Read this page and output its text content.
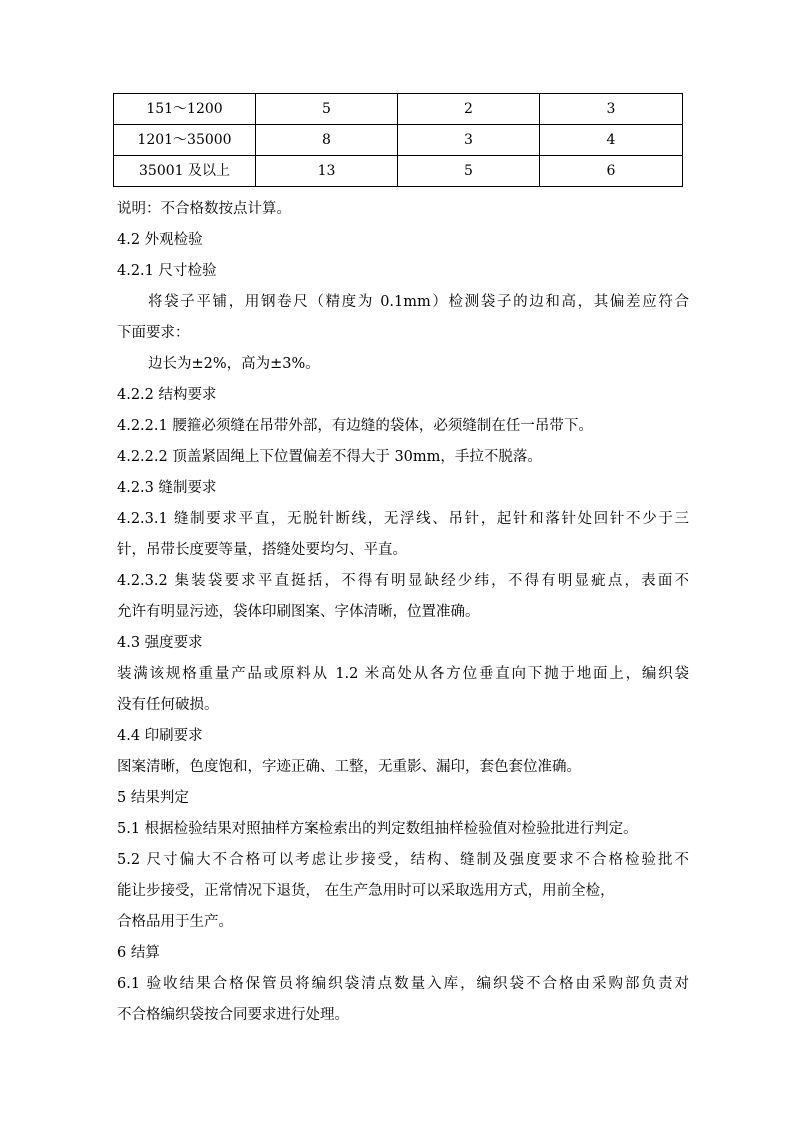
151～1200	5	2	3
1201～35000	8	3	4
35001 及以上	13	5	6
说明：不合格数按点计算。
4.2 外观检验
4.2.1 尺寸检验
将袋子平铺，用钢卷尺（精度为 0.1mm）检测袋子的边和高，其偏差应符合
下面要求：
边长为±2%，高为±3%。
4.2.2 结构要求
4.2.2.1 腰箍必须缝在吊带外部，有边缝的袋体，必须缝制在任一吊带下。
4.2.2.2 顶盖紧固绳上下位置偏差不得大于 30mm，手拉不脱落。
4.2.3 缝制要求
4.2.3.1 缝制要求平直，无脱针断线，无浮线、吊针，起针和落针处回针不少于三
针，吊带长度要等量，搭缝处要均匀、平直。
4.2.3.2 集装袋要求平直挺括，不得有明显缺经少纬，不得有明显疵点，表面不
允许有明显污迹，袋体印刷图案、字体清晰，位置准确。
4.3 强度要求
装满该规格重量产品或原料从 1.2 米高处从各方位垂直向下抛于地面上，编织袋
没有任何破损。
4.4 印刷要求
图案清晰，色度饱和，字迹正确、工整，无重影、漏印，套色套位准确。
5 结果判定
5.1 根据检验结果对照抽样方案检索出的判定数组抽样检验值对检验批进行判定。
5.2 尺寸偏大不合格可以考虑让步接受，结构、缝制及强度要求不合格检验批不
能让步接受，正常情况下退货， 在生产急用时可以采取选用方式，用前全检，
合格品用于生产。
6 结算
6.1 验收结果合格保管员将编织袋清点数量入库，编织袋不合格由采购部负责对
不合格编织袋按合同要求进行处理。
